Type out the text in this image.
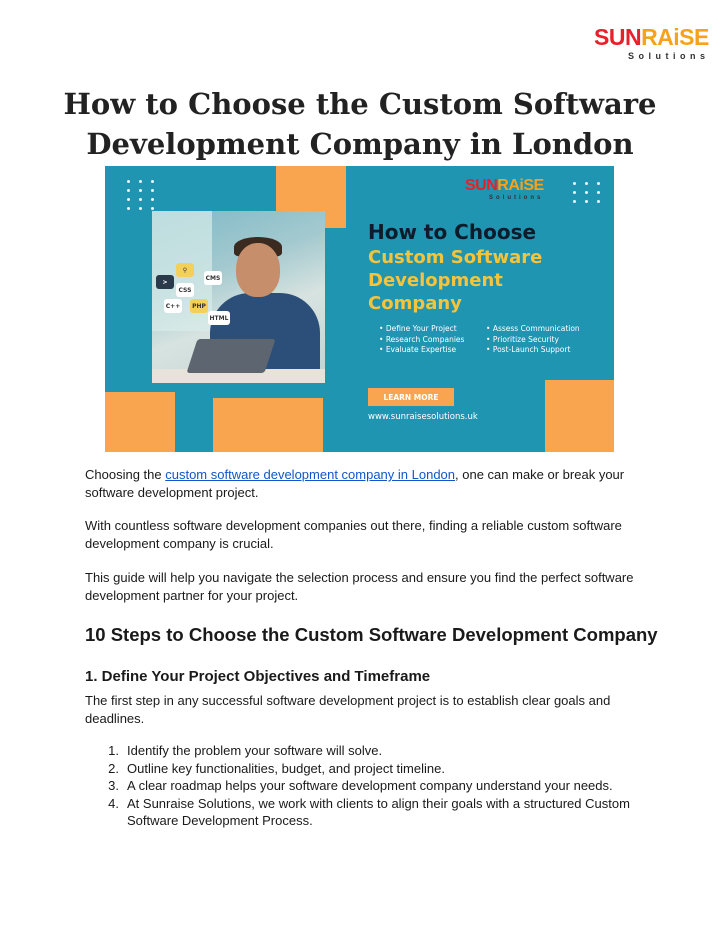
SUNRAiSE
Solutions
How to Choose the Custom Software Development Company in London
>
⚲
CSS
CMS
C++	PHP
HTML
SUNRAiSE
Solutions
How to Choose
Custom Software
Development
Company
• Define Your Project
• Research Companies
• Evaluate Expertise
• Assess Communication
• Prioritize Security
• Post-Launch Support
LEARN MORE
www.sunraisesolutions.uk

Choosing the custom software development company in London, one can make or break your software development project.

With countless software development companies out there, finding a reliable custom software development company is crucial.

This guide will help you navigate the selection process and ensure you find the perfect software development partner for your project.

10 Steps to Choose the Custom Software Development Company
1. Define Your Project Objectives and Timeframe

The first step in any successful software development project is to establish clear goals and deadlines.

1. Identify the problem your software will solve.
2. Outline key functionalities, budget, and project timeline.
3. A clear roadmap helps your software development company understand your needs.
4. At Sunraise Solutions, we work with clients to align their goals with a structured Custom Software Development Process.
